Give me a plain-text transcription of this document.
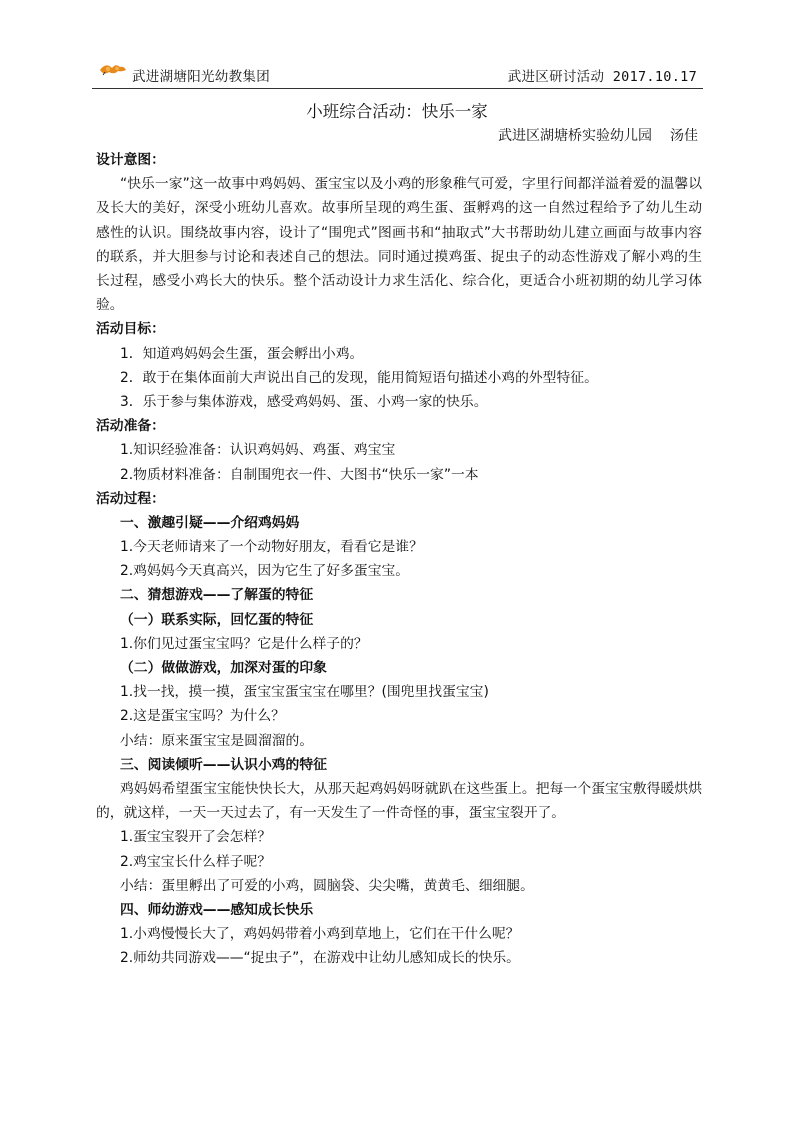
武进湖塘阳光幼教集团	武进区研讨活动 2017.10.17
小班综合活动：快乐一家
武进区湖塘桥实验幼儿园 汤佳
设计意图：

“快乐一家”这一故事中鸡妈妈、蛋宝宝以及小鸡的形象稚气可爱，字里行间都洋溢着爱的温馨以及长大的美好，深受小班幼儿喜欢。故事所呈现的鸡生蛋、蛋孵鸡的这一自然过程给予了幼儿生动感性的认识。围绕故事内容，设计了“围兜式”图画书和“抽取式”大书帮助幼儿建立画面与故事内容的联系，并大胆参与讨论和表述自己的想法。同时通过摸鸡蛋、捉虫子的动态性游戏了解小鸡的生长过程，感受小鸡长大的快乐。整个活动设计力求生活化、综合化，更适合小班初期的幼儿学习体验。

活动目标：
1．知道鸡妈妈会生蛋，蛋会孵出小鸡。
2．敢于在集体面前大声说出自己的发现，能用简短语句描述小鸡的外型特征。
3．乐于参与集体游戏，感受鸡妈妈、蛋、小鸡一家的快乐。
活动准备：
1.知识经验准备：认识鸡妈妈、鸡蛋、鸡宝宝
2.物质材料准备：自制围兜衣一件、大图书“快乐一家”一本
活动过程：
一、激趣引疑——介绍鸡妈妈
1.今天老师请来了一个动物好朋友，看看它是谁？
2.鸡妈妈今天真高兴，因为它生了好多蛋宝宝。
二、猜想游戏——了解蛋的特征
（一）联系实际，回忆蛋的特征
1.你们见过蛋宝宝吗？它是什么样子的？
（二）做做游戏，加深对蛋的印象
1.找一找，摸一摸，蛋宝宝蛋宝宝在哪里？(围兜里找蛋宝宝)
2.这是蛋宝宝吗？为什么？
小结：原来蛋宝宝是圆溜溜的。
三、阅读倾听——认识小鸡的特征

鸡妈妈希望蛋宝宝能快快长大，从那天起鸡妈妈呀就趴在这些蛋上。把每一个蛋宝宝敷得暖烘烘的，就这样，一天一天过去了，有一天发生了一件奇怪的事，蛋宝宝裂开了。

1.蛋宝宝裂开了会怎样？
2.鸡宝宝长什么样子呢？
小结：蛋里孵出了可爱的小鸡，圆脑袋、尖尖嘴，黄黄毛、细细腿。
四、师幼游戏——感知成长快乐
1.小鸡慢慢长大了，鸡妈妈带着小鸡到草地上，它们在干什么呢？
2.师幼共同游戏——“捉虫子”，在游戏中让幼儿感知成长的快乐。
